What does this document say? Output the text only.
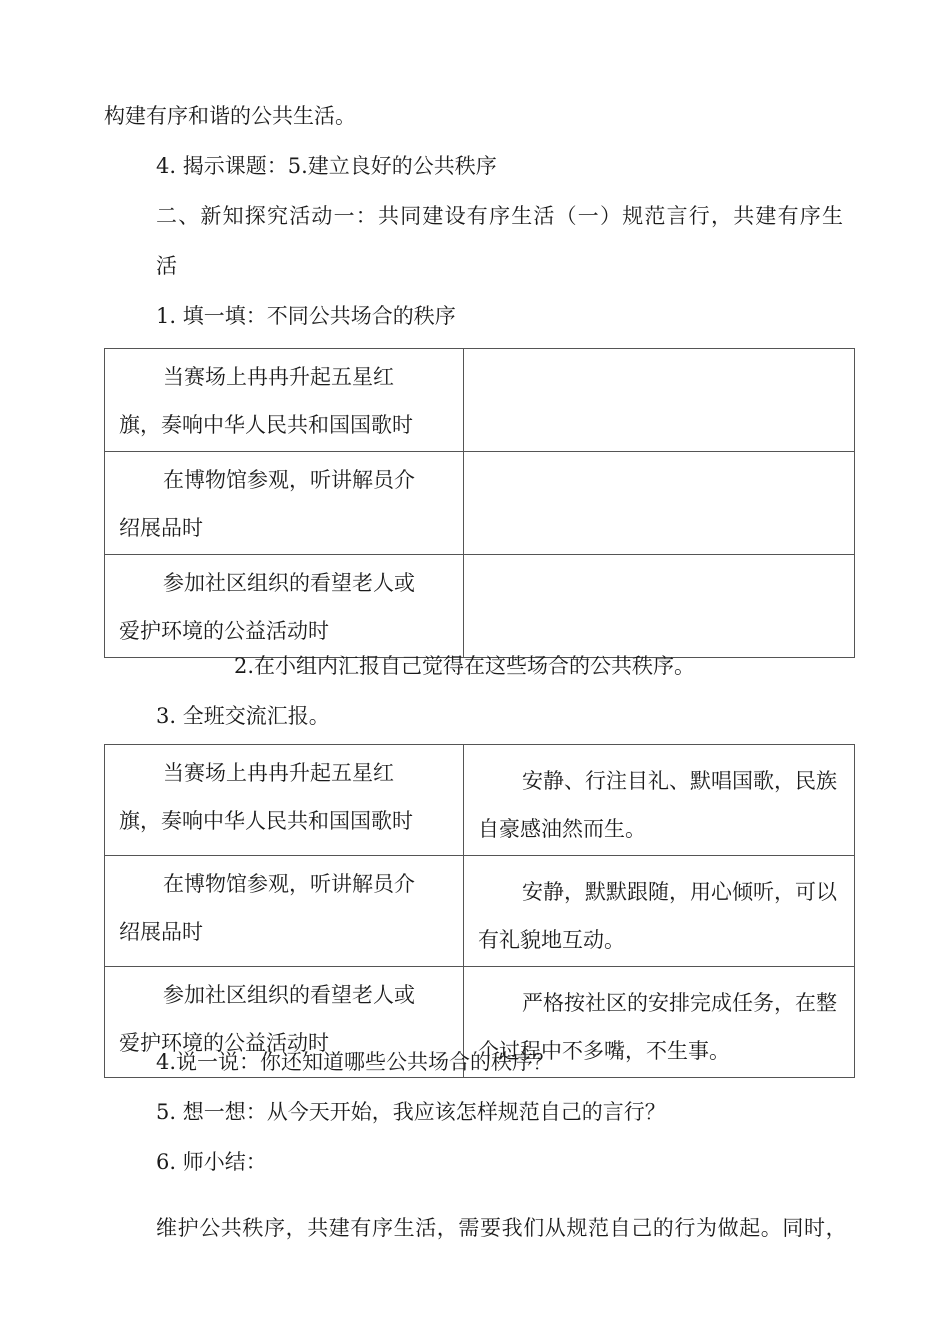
构建有序和谐的公共生活。
4. 揭示课题：5.建立良好的公共秩序
二、新知探究活动一：共同建设有序生活（一）规范言行，共建有序生
活
1. 填一填：不同公共场合的秩序
当赛场上冉冉升起五星红
旗，奏响中华人民共和国国歌时	

在博物馆参观，听讲解员介
绍展品时	

参加社区组织的看望老人或
爱护环境的公益活动时	
2.在小组内汇报自己觉得在这些场合的公共秩序。
3. 全班交流汇报。
当赛场上冉冉升起五星红
旗，奏响中华人民共和国国歌时	安静、行注目礼、默唱国歌，民族
自豪感油然而生。

在博物馆参观，听讲解员介
绍展品时	安静，默默跟随，用心倾听，可以
有礼貌地互动。

参加社区组织的看望老人或
爱护环境的公益活动时	严格按社区的安排完成任务，在整
个过程中不多嘴，不生事。
4.说一说：你还知道哪些公共场合的秩序？
5. 想一想：从今天开始，我应该怎样规范自己的言行？
6. 师小结：
维护公共秩序，共建有序生活，需要我们从规范自己的行为做起。同时，
